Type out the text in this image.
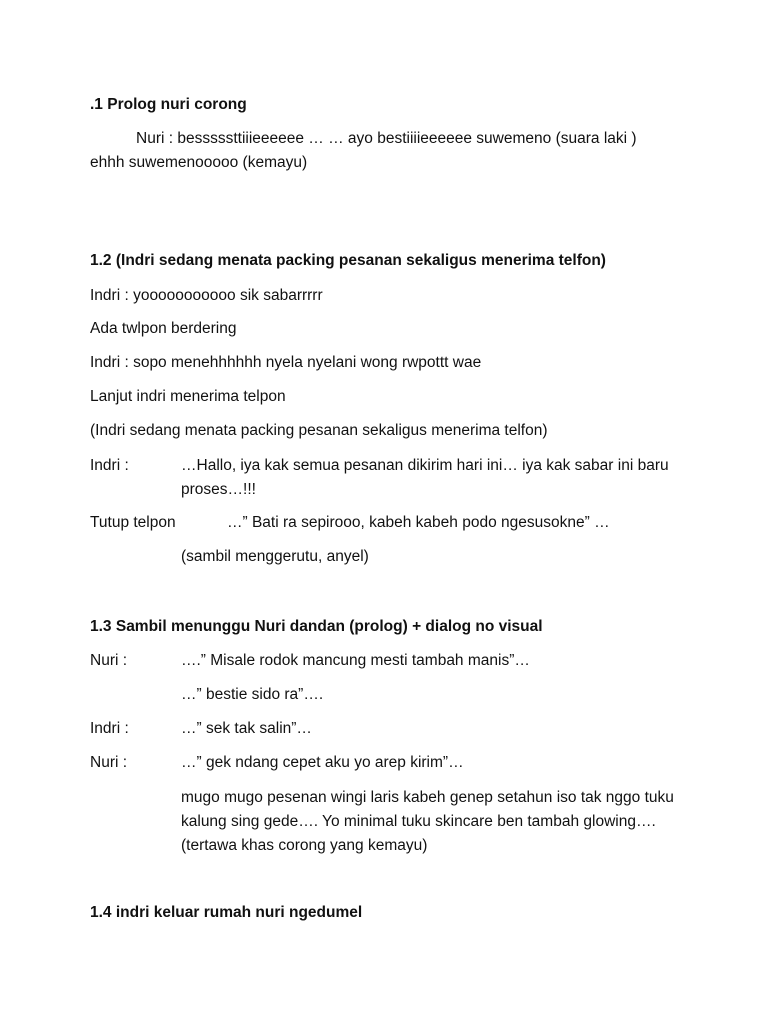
.1 Prolog nuri corong
Nuri : besssssttiiieeeeee … … ayo bestiiiieeeeee suwemeno (suara laki ) ehhh suwemenooooo (kemayu)
1.2 (Indri sedang menata packing pesanan sekaligus menerima telfon)
Indri : yooooooooooo sik sabarrrrr
Ada twlpon berdering
Indri : sopo menehhhhhh nyela nyelani wong rwpottt wae
Lanjut indri menerima telpon
(Indri sedang menata packing pesanan sekaligus menerima telfon)
Indri :	…Hallo, iya kak semua pesanan dikirim hari ini… iya kak sabar ini baru proses…!!!
Tutup telpon	…” Bati ra sepirooo, kabeh kabeh podo ngesusokne” …
(sambil menggerutu, anyel)
1.3 Sambil menunggu Nuri dandan (prolog) + dialog no visual
Nuri :	….” Misale rodok mancung mesti tambah manis”…
…” bestie sido ra”….
Indri :	…” sek tak salin”…
Nuri :	…” gek ndang cepet aku yo arep kirim”…
mugo mugo pesenan wingi laris kabeh genep setahun iso tak nggo tuku kalung sing gede…. Yo minimal tuku skincare ben tambah glowing…. (tertawa khas corong yang kemayu)
1.4 indri keluar rumah nuri ngedumel
